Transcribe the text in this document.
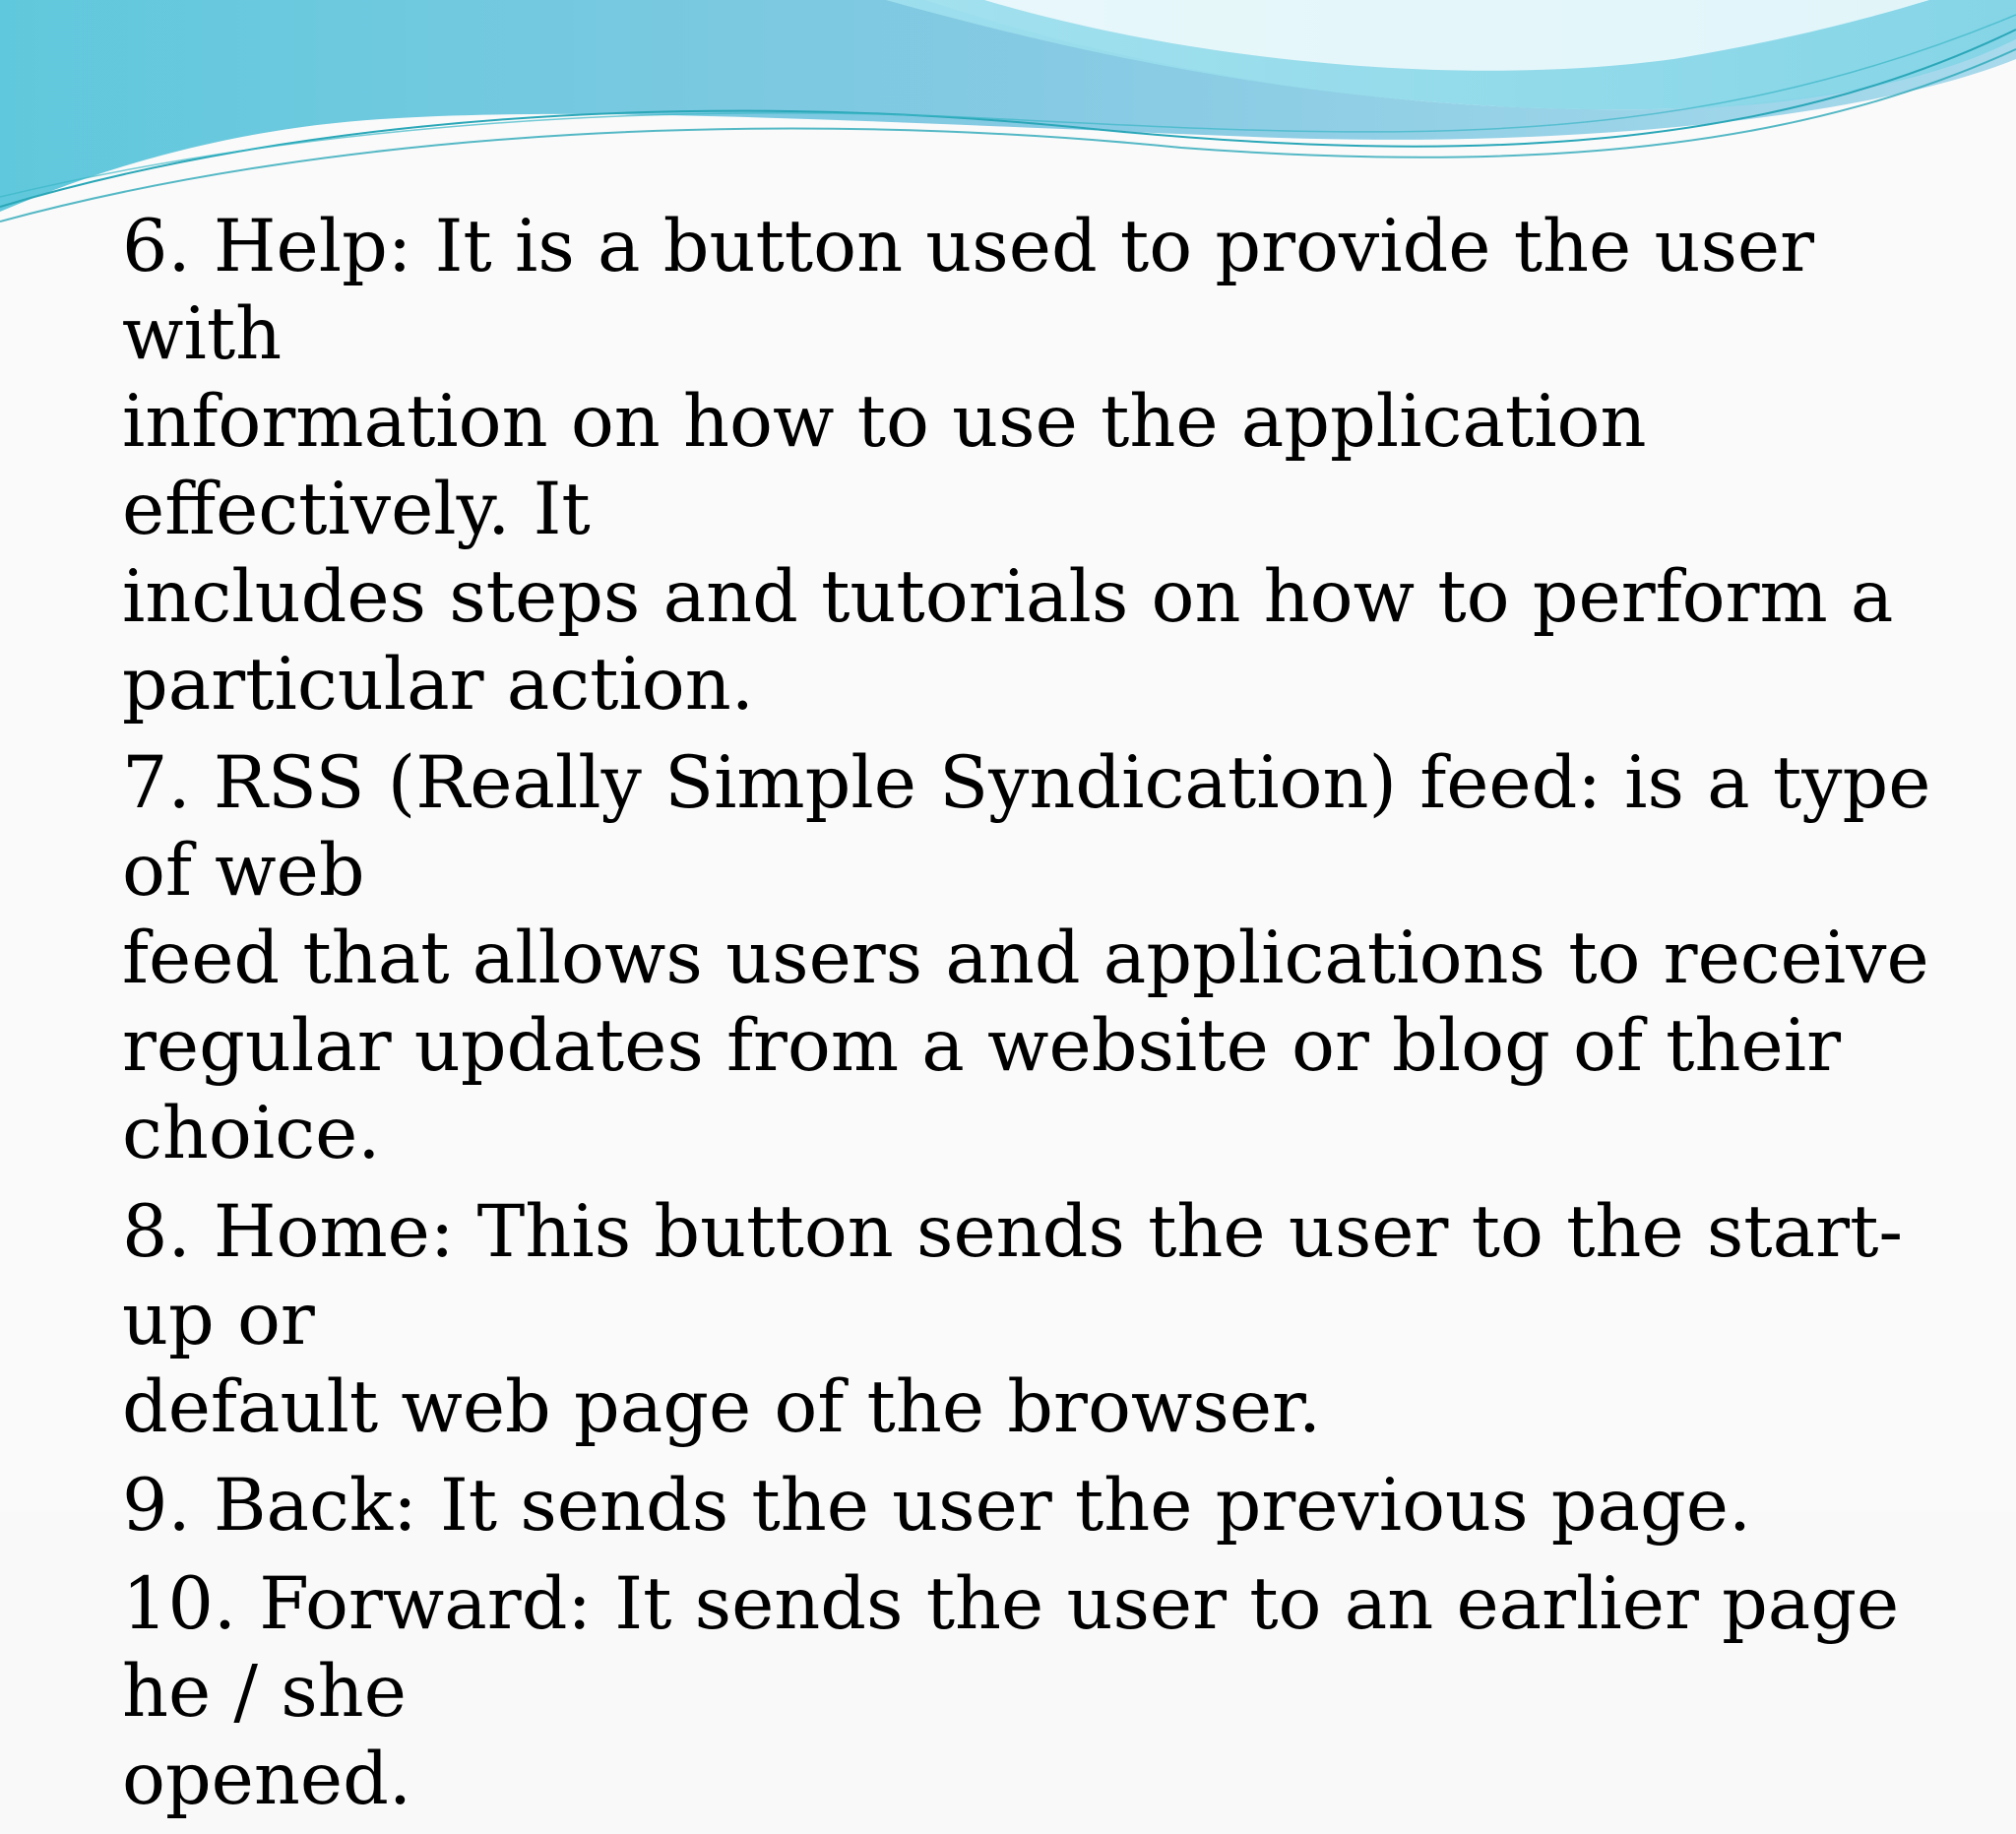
6. Help: It is a button used to provide the user with
information on how to use the application effectively. It
includes steps and tutorials on how to perform a
particular action.
7. RSS (Really Simple Syndication) feed: is a type of web
feed that allows users and applications to receive
regular updates from a website or blog of their choice.
8. Home: This button sends the user to the start-up or
default web page of the browser.
9. Back: It sends the user the previous page.
10. Forward: It sends the user to an earlier page he / she
opened.
